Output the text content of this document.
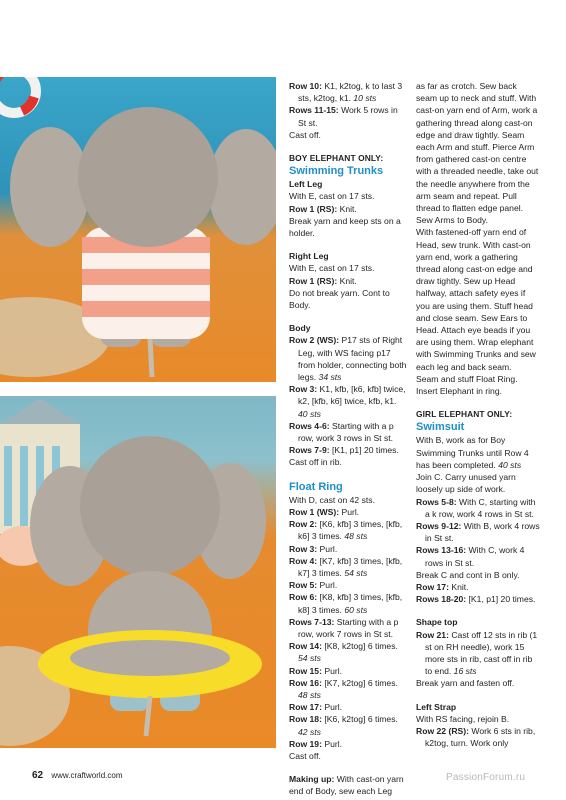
Row 10: K1, k2tog, k to last 3 sts, k2tog, k1. 10 sts

Rows 11-15: Work 5 rows in St st.

Cast off.

BOY ELEPHANT ONLY:

Swimming Trunks

Left Leg

With E, cast on 17 sts.

Row 1 (RS): Knit.

Break yarn and keep sts on a holder.

Right Leg

With E, cast on 17 sts.

Row 1 (RS): Knit.

Do not break yarn. Cont to Body.

Body

Row 2 (WS): P17 sts of Right Leg, with WS facing p17 from holder, connecting both legs. 34 sts

Row 3: K1, kfb, [k6, kfb] twice, k2, [kfb, k6] twice, kfb, k1. 40 sts

Rows 4-6: Starting with a p row, work 3 rows in St st.

Rows 7-9: [K1, p1] 20 times.

Cast off in rib.

Float Ring

With D, cast on 42 sts.

Row 1 (WS): Purl.

Row 2: [K6, kfb] 3 times, [kfb, k6] 3 times. 48 sts

Row 3: Purl.

Row 4: [K7, kfb] 3 times, [kfb, k7] 3 times. 54 sts

Row 5: Purl.

Row 6: [K8, kfb] 3 times, [kfb, k8] 3 times. 60 sts

Rows 7-13: Starting with a p row, work 7 rows in St st.

Row 14: [K8, k2tog] 6 times. 54 sts

Row 15: Purl.

Row 16: [K7, k2tog] 6 times. 48 sts

Row 17: Purl.

Row 18: [K6, k2tog] 6 times. 42 sts

Row 19: Purl.

Cast off.

Making up: With cast-on yarn end of Body, sew each Leg

as far as crotch. Sew back seam up to neck and stuff. With cast-on yarn end of Arm, work a gathering thread along cast-on edge and draw tightly. Seam each Arm and stuff. Pierce Arm from gathered cast-on centre with a threaded needle, take out the needle anywhere from the arm seam and repeat. Pull thread to flatten edge panel. Sew Arms to Body.

With fastened-off yarn end of Head, sew trunk. With cast-on yarn end, work a gathering thread along cast-on edge and draw tightly. Sew up Head halfway, attach safety eyes if you are using them. Stuff head and close seam. Sew Ears to Head. Attach eye beads if you are using them. Wrap elephant with Swimming Trunks and sew each leg and back seam.

Seam and stuff Float Ring. Insert Elephant in ring.

GIRL ELEPHANT ONLY:

Swimsuit

With B, work as for Boy Swimming Trunks until Row 4 has been completed. 40 sts

Join C. Carry unused yarn loosely up side of work.

Rows 5-8: With C, starting with a k row, work 4 rows in St st.

Rows 9-12: With B, work 4 rows in St st.

Rows 13-16: With C, work 4 rows in St st.

Break C and cont in B only.

Row 17: Knit.

Rows 18-20: [K1, p1] 20 times.

Shape top

Row 21: Cast off 12 sts in rib (1 st on RH needle), work 15 more sts in rib, cast off in rib to end. 16 sts

Break yarn and fasten off.

Left Strap

With RS facing, rejoin B.

Row 22 (RS): Work 6 sts in rib, k2tog, turn. Work only

62 www.craftworld.com	PassionForum.ru
